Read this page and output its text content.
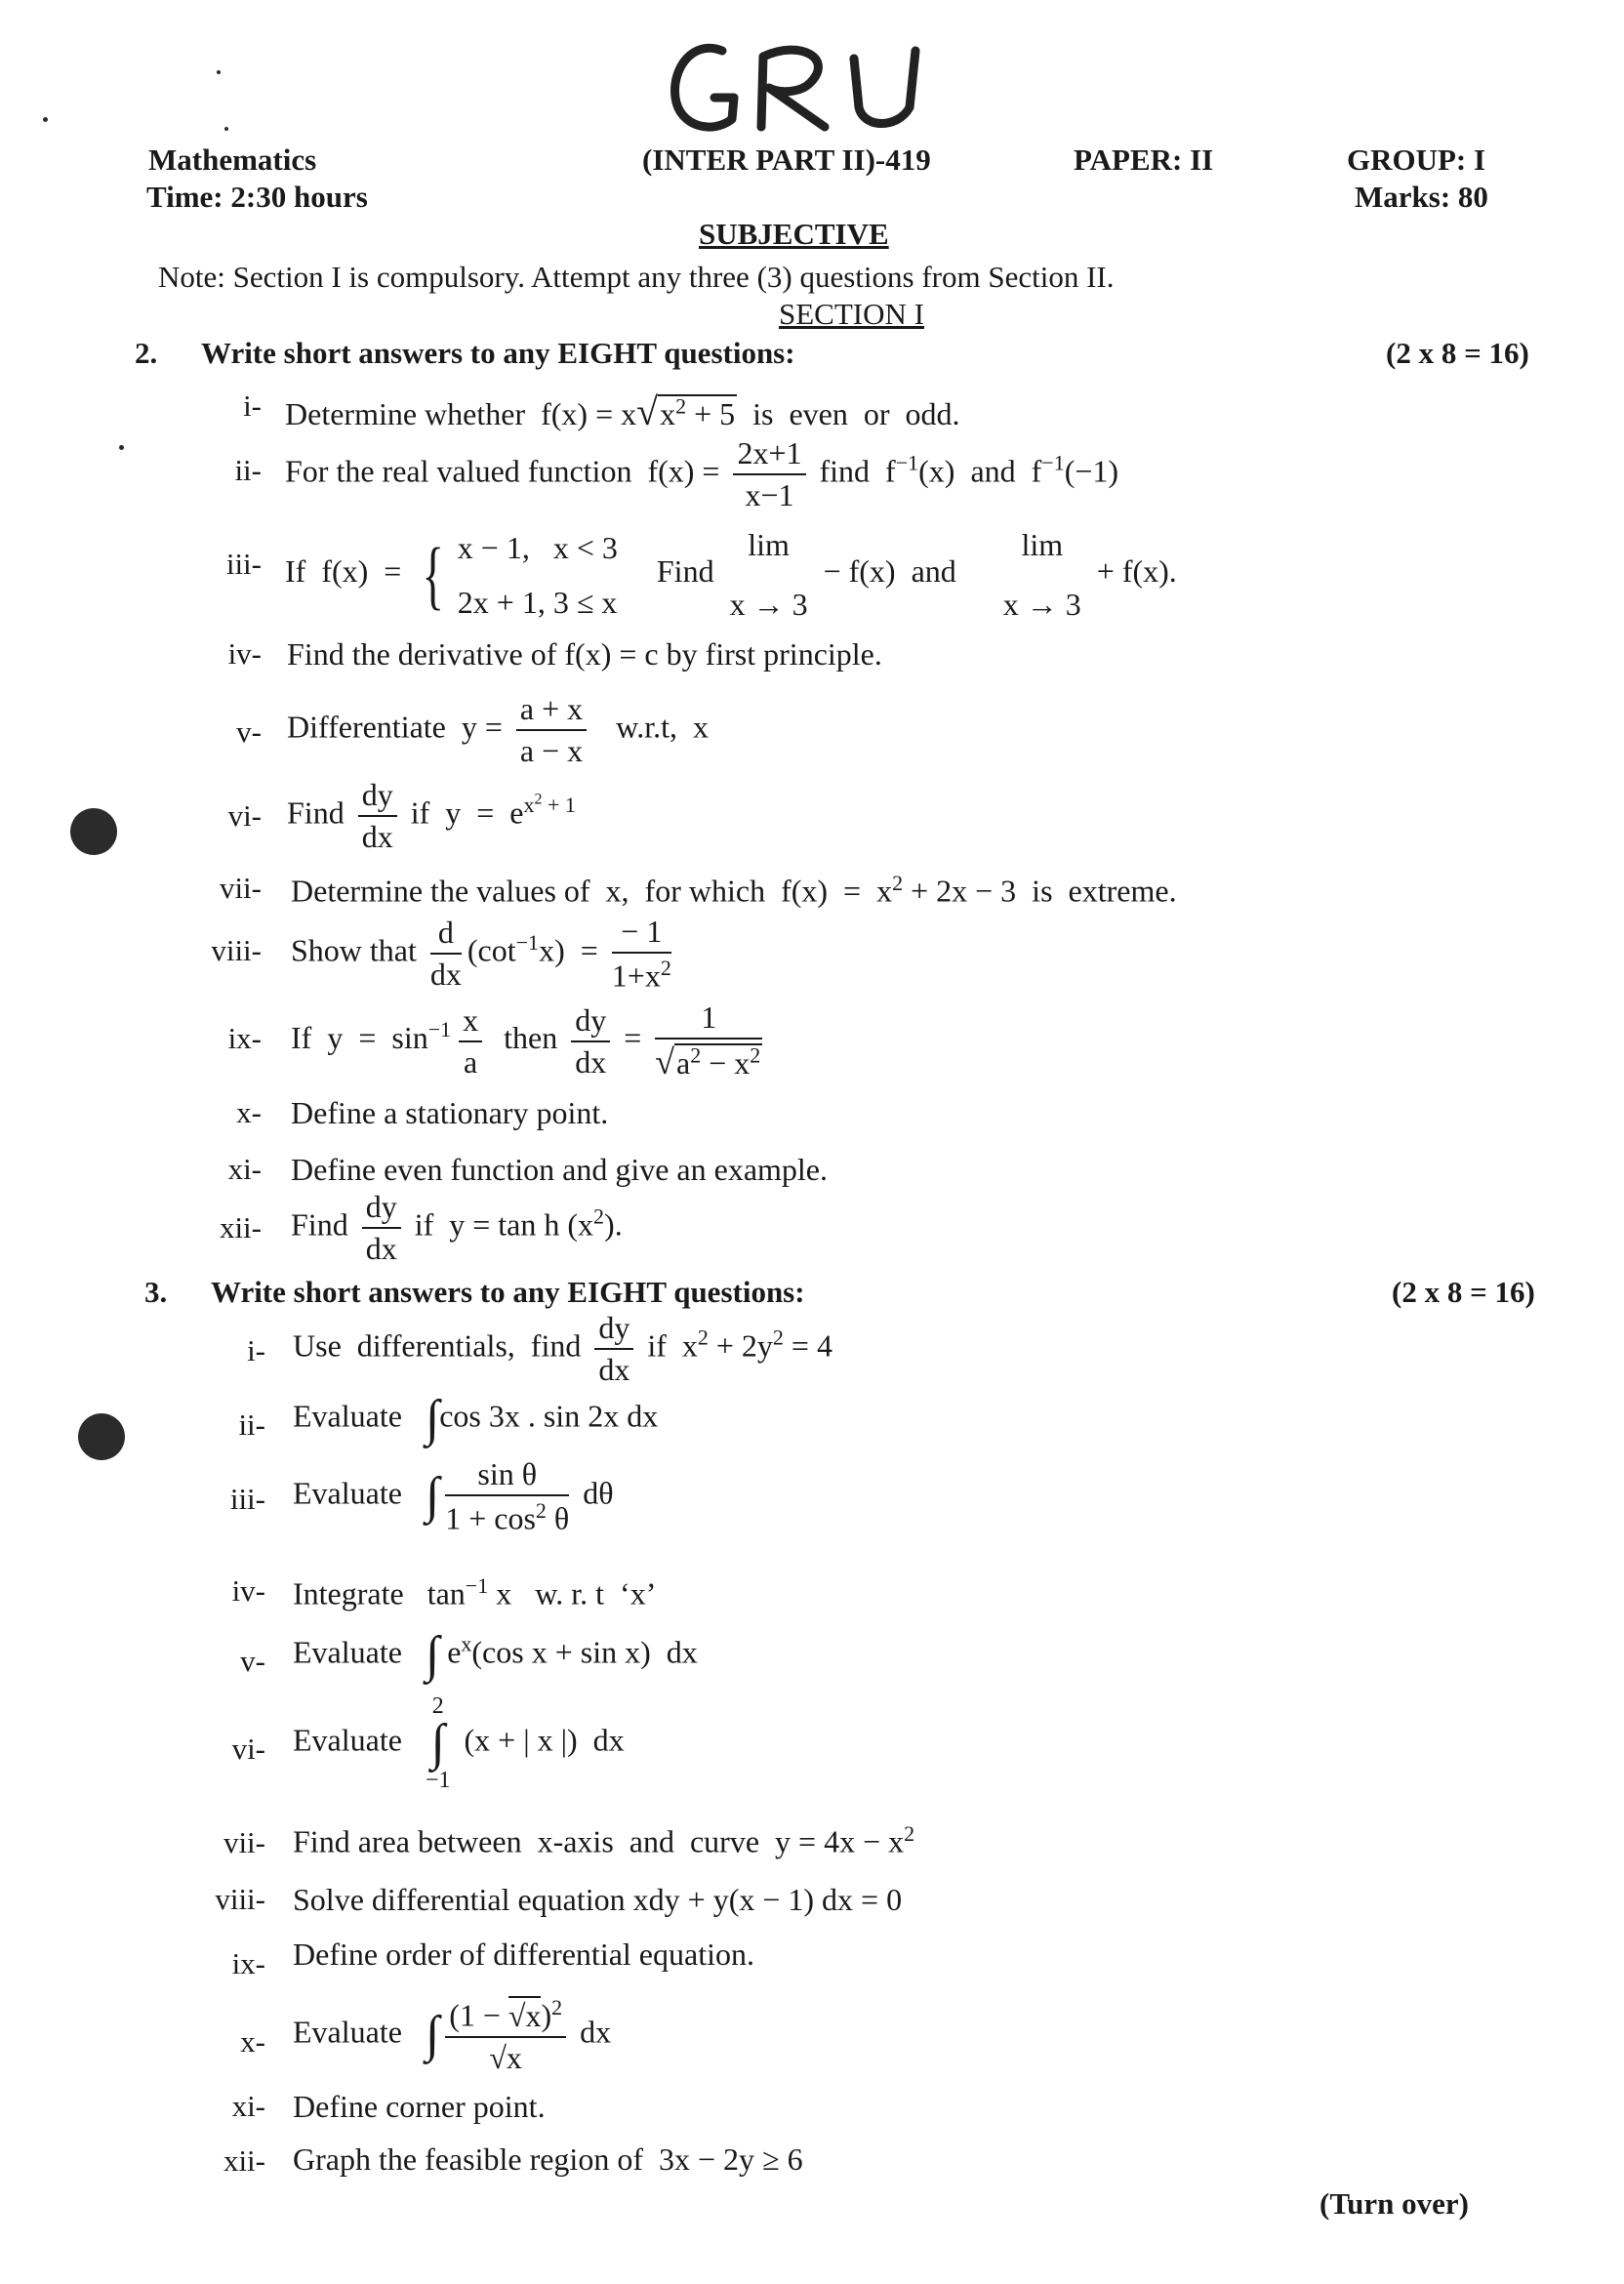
Mathematics
Time: 2:30 hours
(INTER PART II)-419	PAPER: II	GROUP: I
Marks: 80
SUBJECTIVE
Note: Section I is compulsory. Attempt any three (3) questions from Section II.
SECTION I
2. Write short answers to any EIGHT questions:	(2 x 8 = 16)
i- Determine whether  $f(x) = x√x^2 + 5$  is  even  or  odd.
ii- For the real valued function  $f(x) = \frac{2x+1}{x-1}$ find  $f^{-1}(x)$  and  $f^{-1}(-1)$
iii- If  f(x)  = { x − 1,   x < 3
2x + 1, 3 ≤ x
Find
lim
x → 3
− f(x)  and
lim
x → 3
+ f(x).
iv- Find the derivative of f(x) = c by first principle.
v- Differentiate  $y = \frac{a + x}{a - x} w.r.t$,  x
vi- Find $\frac{dy}{dx}$ if  $y = e^{x^2 + 1}$
vii- Determine the values of  x,  for which  $f(x) = x^2 + 2x - 3$  is  extreme.
viii- Show that $\frac{d}{dx} (\cot^{-1}x) = \frac{- 1}{1+x^2}$
ix- If  $y = \sin^{-1} \frac{x}{a}$ then $\frac{dy}{dx} = \frac{1}{√a^2 - x^2}$
x- Define a stationary point.
xi- Define even function and give an example.
xii- Find $\frac{dy}{dx}$ if  y = tan h $(x^2)$.
3. Write short answers to any EIGHT questions:	(2 x 8 = 16)
i- Use  differentials,  find $\frac{dy}{dx}$ if  $x^2 + 2y^2 = 4$
ii- Evaluate   ∫cos 3x . sin 2x dx
iii- Evaluate   ∫ $\frac{\text{sin θ}}{1 + \cos^2 \theta}$ dθ
iv- Integrate   $\tan^{-1} x$   w. r. t  ‘x’
v- Evaluate   ∫ $e^x(\cos$ x + sin x)  dx
vi- Evaluate
2
∫
−1
(x + | x |)  dx
vii- Find area between  x-axis  and  curve  $y = 4x - x^2$
viii- Solve differential equation xdy + y(x − 1) dx = 0
ix- Define order of differential equation.
x- Evaluate   ∫ $\frac{(1 - √x)^2}{√x}$ dx
xi- Define corner point.
xii- Graph the feasible region of  3x − 2y ≥ 6
(Turn over)
